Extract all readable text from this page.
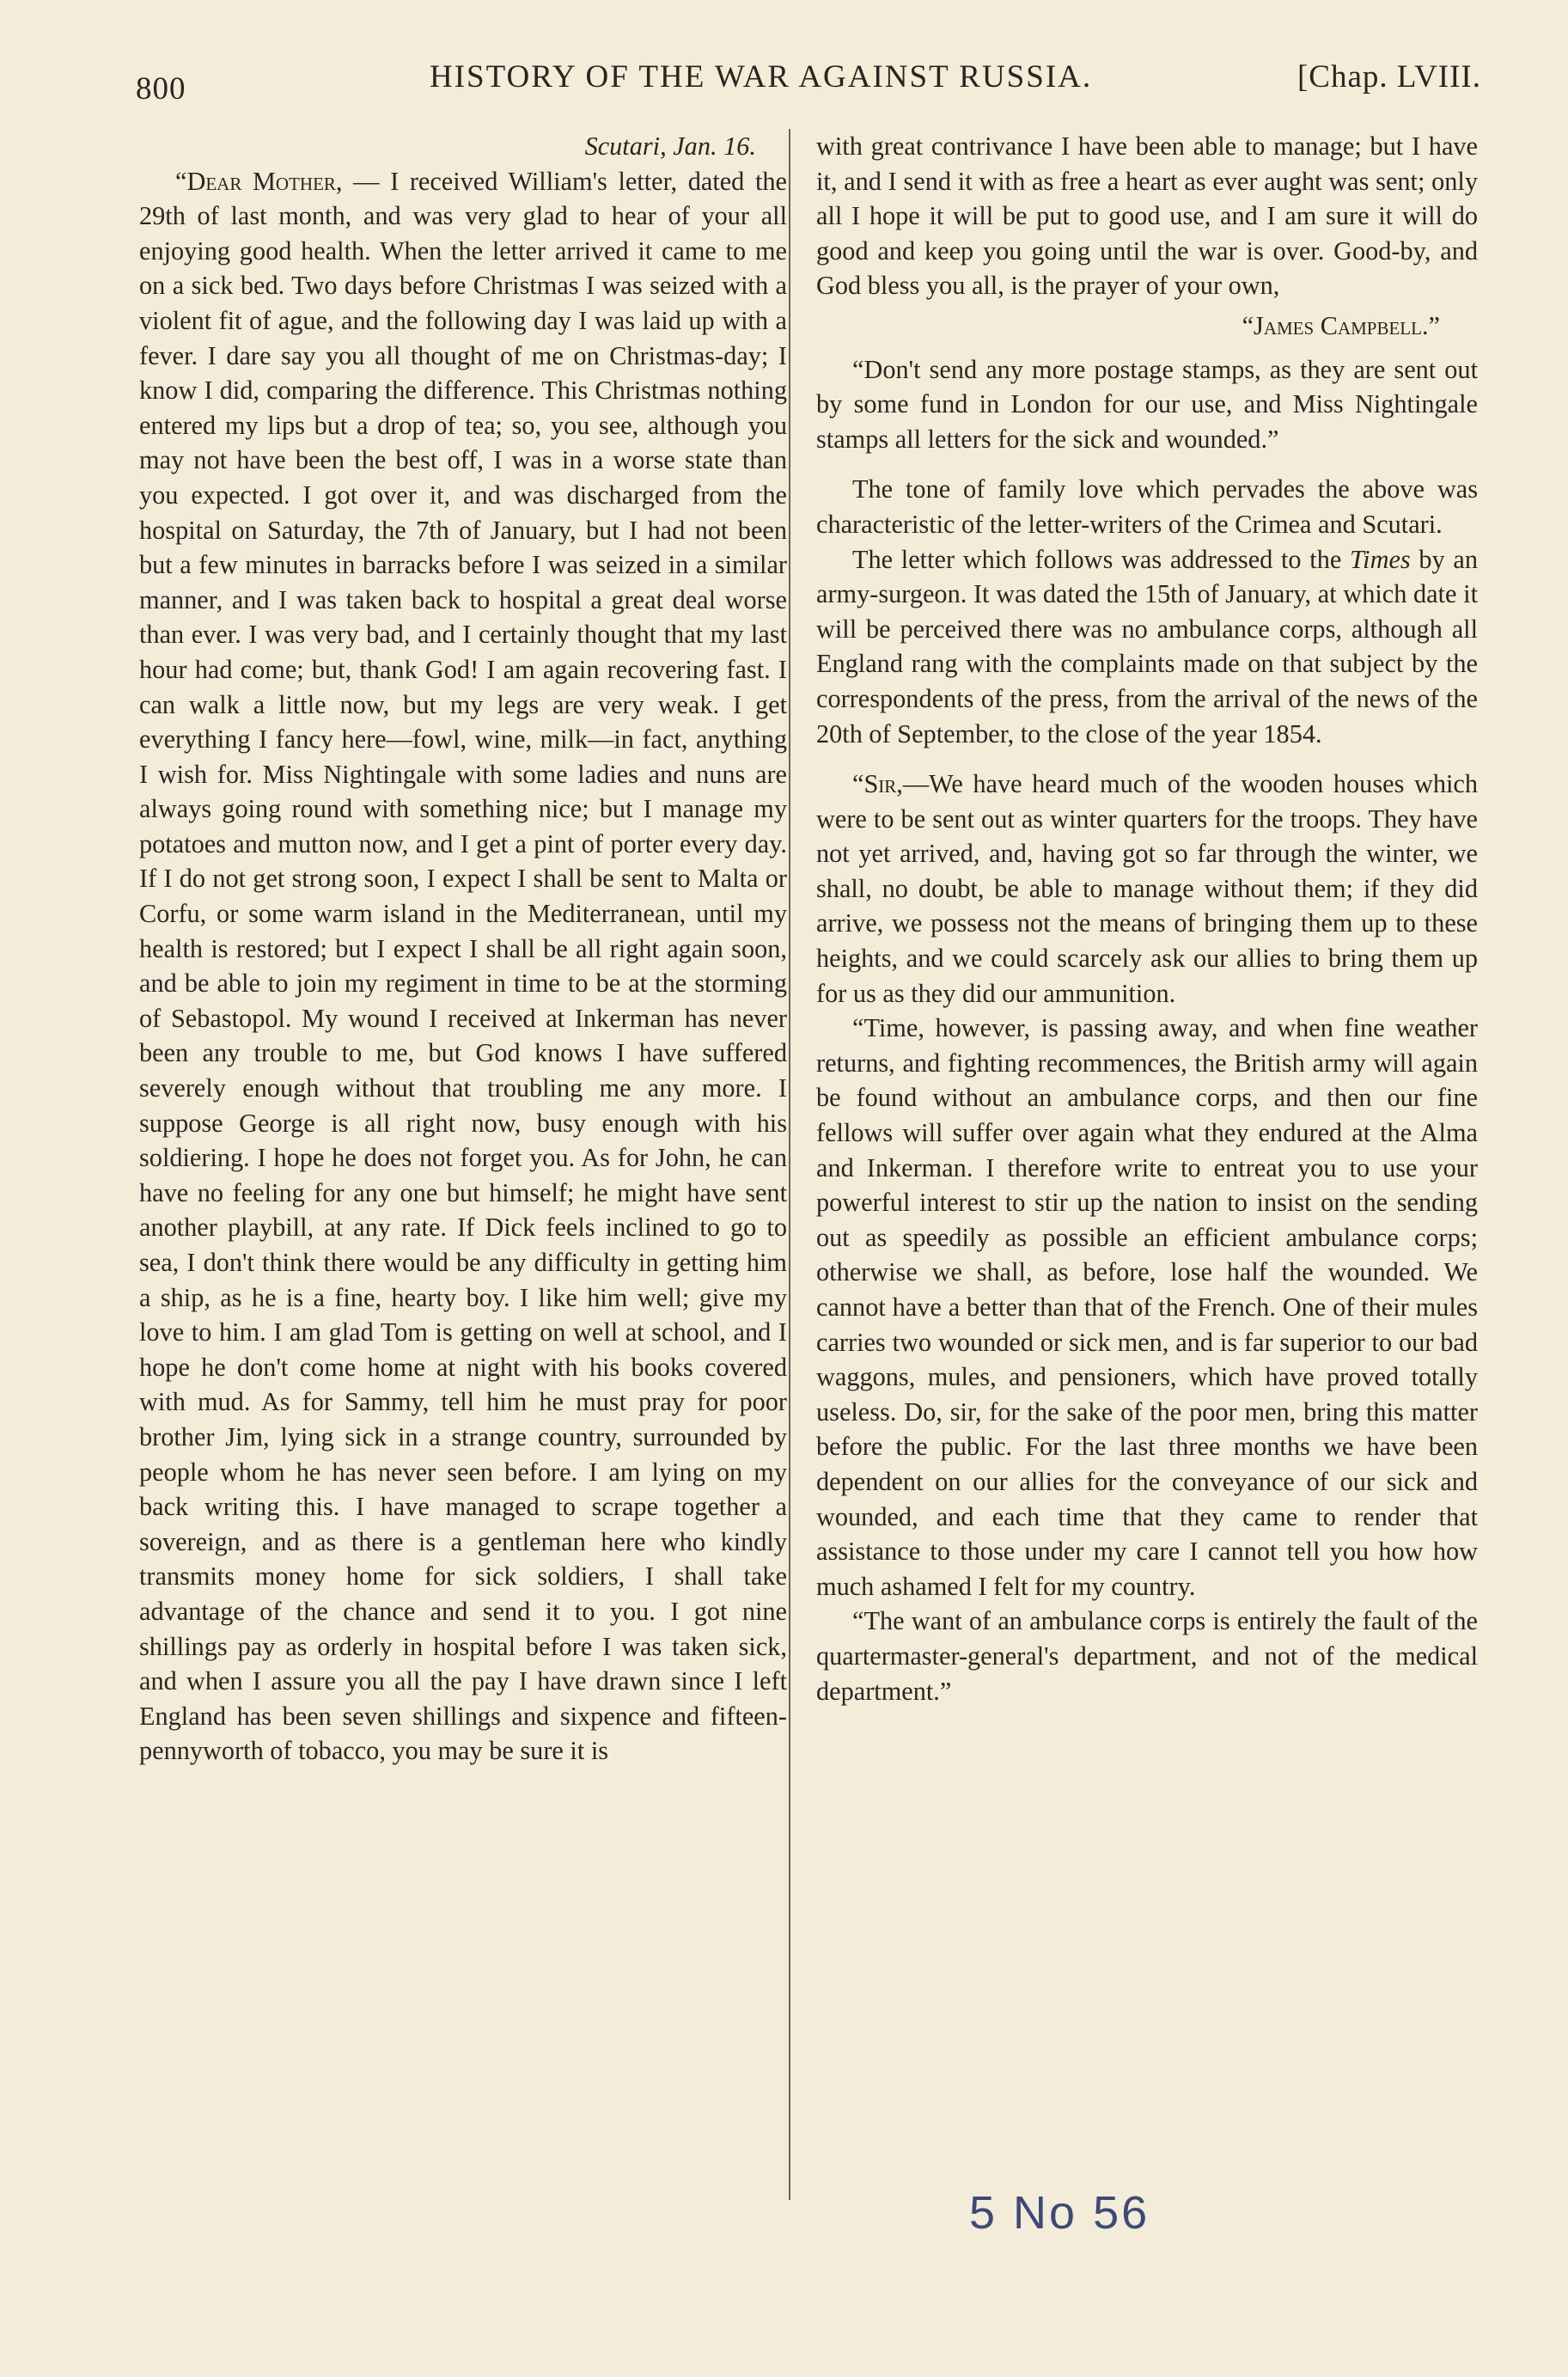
800	HISTORY OF THE WAR AGAINST RUSSIA.	[Chap. LVIII.

Scutari, Jan. 16.

“Dear Mother, — I received William's letter, dated the 29th of last month, and was very glad to hear of your all enjoying good health. When the letter arrived it came to me on a sick bed. Two days before Christmas I was seized with a violent fit of ague, and the following day I was laid up with a fever. I dare say you all thought of me on Christmas-day; I know I did, comparing the difference. This Christmas nothing entered my lips but a drop of tea; so, you see, although you may not have been the best off, I was in a worse state than you expected. I got over it, and was discharged from the hospital on Saturday, the 7th of January, but I had not been but a few minutes in barracks before I was seized in a similar manner, and I was taken back to hospital a great deal worse than ever. I was very bad, and I certainly thought that my last hour had come; but, thank God! I am again recovering fast. I can walk a little now, but my legs are very weak. I get everything I fancy here—fowl, wine, milk—in fact, anything I wish for. Miss Nightingale with some ladies and nuns are always going round with something nice; but I manage my potatoes and mutton now, and I get a pint of porter every day. If I do not get strong soon, I expect I shall be sent to Malta or Corfu, or some warm island in the Mediterranean, until my health is restored; but I expect I shall be all right again soon, and be able to join my regiment in time to be at the storming of Sebastopol. My wound I received at Inkerman has never been any trouble to me, but God knows I have suffered severely enough without that troubling me any more. I suppose George is all right now, busy enough with his soldiering. I hope he does not forget you. As for John, he can have no feeling for any one but himself; he might have sent another playbill, at any rate. If Dick feels inclined to go to sea, I don't think there would be any difficulty in getting him a ship, as he is a fine, hearty boy. I like him well; give my love to him. I am glad Tom is getting on well at school, and I hope he don't come home at night with his books covered with mud. As for Sammy, tell him he must pray for poor brother Jim, lying sick in a strange country, surrounded by people whom he has never seen before. I am lying on my back writing this. I have managed to scrape together a sovereign, and as there is a gentleman here who kindly transmits money home for sick soldiers, I shall take advantage of the chance and send it to you. I got nine shillings pay as orderly in hospital before I was taken sick, and when I assure you all the pay I have drawn since I left England has been seven shillings and sixpence and fifteen-pennyworth of tobacco, you may be sure it is

with great contrivance I have been able to manage; but I have it, and I send it with as free a heart as ever aught was sent; only all I hope it will be put to good use, and I am sure it will do good and keep you going until the war is over. Good-by, and God bless you all, is the prayer of your own,

“James Campbell.”

“Don't send any more postage stamps, as they are sent out by some fund in London for our use, and Miss Nightingale stamps all letters for the sick and wounded.”

The tone of family love which pervades the above was characteristic of the letter-writers of the Crimea and Scutari.

The letter which follows was addressed to the Times by an army-surgeon. It was dated the 15th of January, at which date it will be perceived there was no ambulance corps, although all England rang with the complaints made on that subject by the correspondents of the press, from the arrival of the news of the 20th of September, to the close of the year 1854.

“Sir,—We have heard much of the wooden houses which were to be sent out as winter quarters for the troops. They have not yet arrived, and, having got so far through the winter, we shall, no doubt, be able to manage without them; if they did arrive, we possess not the means of bringing them up to these heights, and we could scarcely ask our allies to bring them up for us as they did our ammunition.

“Time, however, is passing away, and when fine weather returns, and fighting recommences, the British army will again be found without an ambulance corps, and then our fine fellows will suffer over again what they endured at the Alma and Inkerman. I therefore write to entreat you to use your powerful interest to stir up the nation to insist on the sending out as speedily as possible an efficient ambulance corps; otherwise we shall, as before, lose half the wounded. We cannot have a better than that of the French. One of their mules carries two wounded or sick men, and is far superior to our bad waggons, mules, and pensioners, which have proved totally useless. Do, sir, for the sake of the poor men, bring this matter before the public. For the last three months we have been dependent on our allies for the conveyance of our sick and wounded, and each time that they came to render that assistance to those under my care I cannot tell you how how much ashamed I felt for my country.

“The want of an ambulance corps is entirely the fault of the quartermaster-general's department, and not of the medical department.”

5 No 56
